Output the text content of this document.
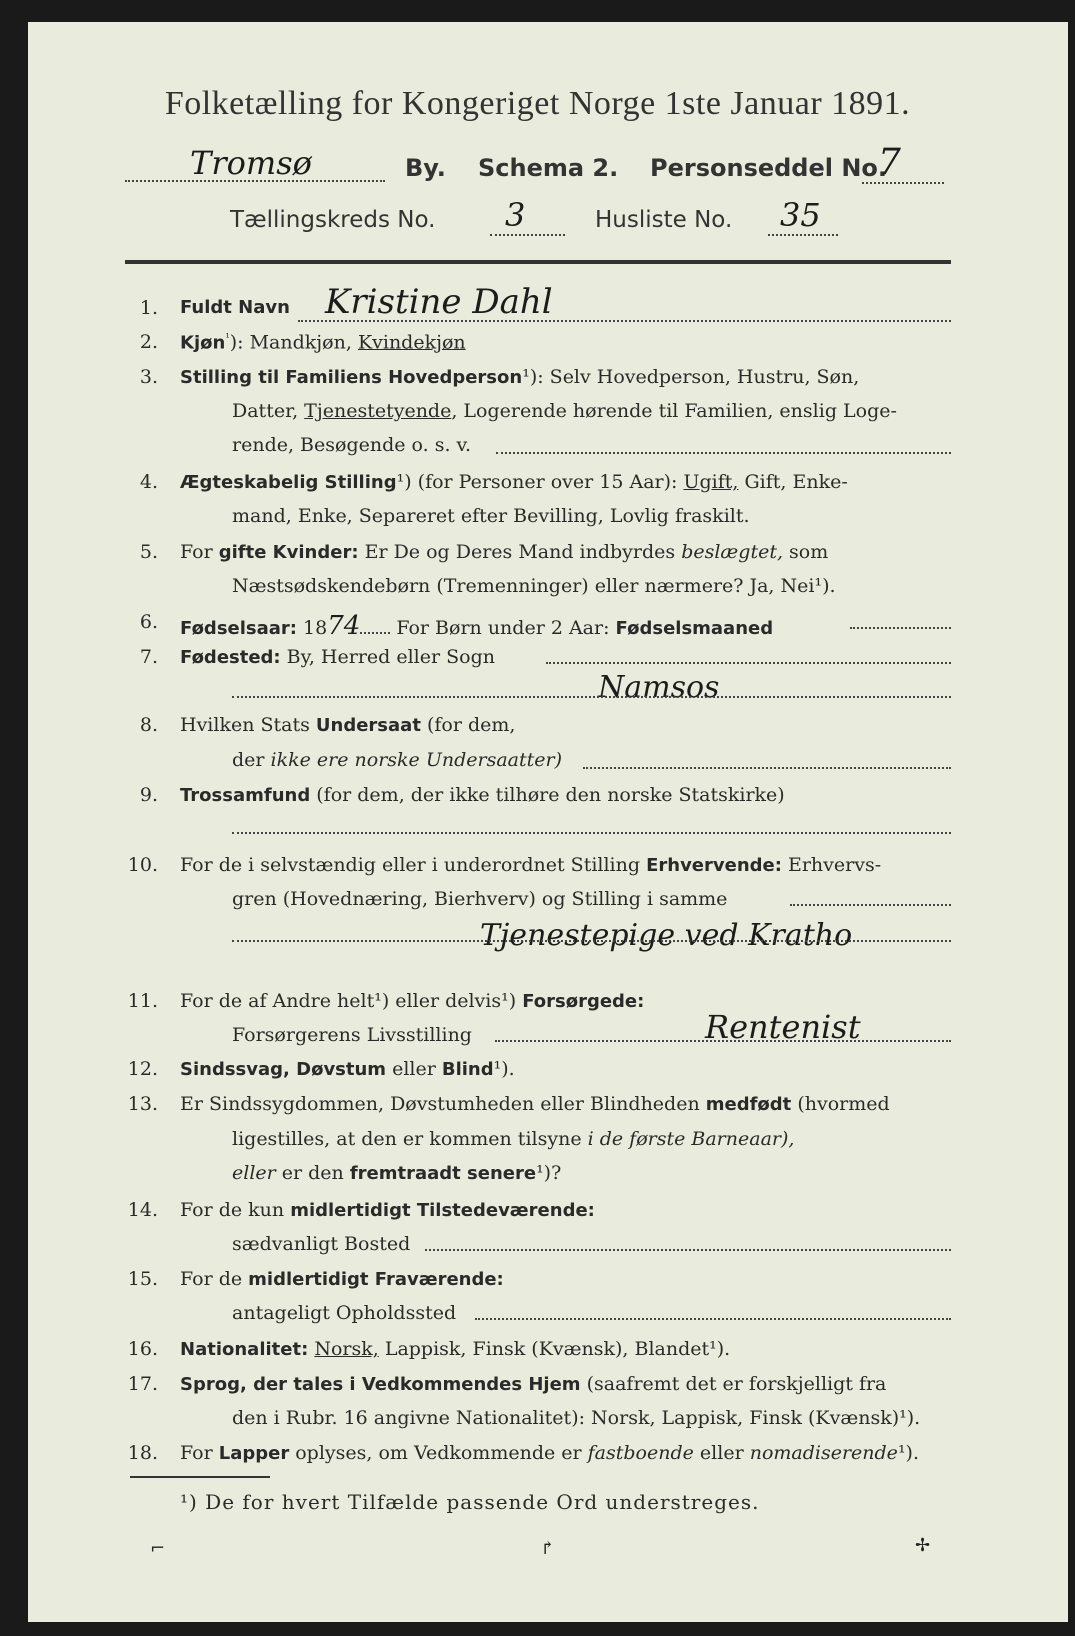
Folketælling for Kongeriget Norge 1ste Januar 1891.
Tromsø	By. Schema 2. Personseddel No.
7
Tællingskreds No. 3	Husliste No. 35
1. Fuldt Navn Kristine Dahl
2. Kjøn$^{^1}$): Mandkjøn, Kvindekjøn
3. Stilling til Familiens Hovedperson¹): Selv Hovedperson, Hustru, Søn,
Datter, Tjenestetyende, Logerende hørende til Familien, enslig Loge-
rende, Besøgende o. s. v.
4. Ægteskabelig Stilling¹) (for Personer over 15 Aar): Ugift, Gift, Enke-
mand, Enke, Separeret efter Bevilling, Lovlig fraskilt.
5. For gifte Kvinder: Er De og Deres Mand indbyrdes beslægtet, som
Næstsødskendebørn (Tremenninger) eller nærmere? Ja, Nei¹).
6. Fødselsaar: 1874 For Børn under 2 Aar: Fødselsmaaned
7. Fødested: By, Herred eller Sogn
Namsos
8. Hvilken Stats Undersaat (for dem,
der ikke ere norske Undersaatter)
9. Trossamfund (for dem, der ikke tilhøre den norske Statskirke)
10. For de i selvstændig eller i underordnet Stilling Erhvervende: Erhvervs-
gren (Hovednæring, Bierhverv) og Stilling i samme
Tjenestepige ved Kratho
11. For de af Andre helt¹) eller delvis¹) Forsørgede:
Forsørgerens Livsstilling	Rentenist
12. Sindssvag, Døvstum eller Blind¹).
13. Er Sindssygdommen, Døvstumheden eller Blindheden medfødt (hvormed
ligestilles, at den er kommen tilsyne i de første Barneaar),
eller er den fremtraadt senere¹)?
14. For de kun midlertidigt Tilstedeværende:
sædvanligt Bosted
15. For de midlertidigt Fraværende:
antageligt Opholdssted
16. Nationalitet: Norsk, Lappisk, Finsk (Kvænsk), Blandet¹).
17. Sprog, der tales i Vedkommendes Hjem (saafremt det er forskjelligt fra
den i Rubr. 16 angivne Nationalitet): Norsk, Lappisk, Finsk (Kvænsk)¹).
18. For Lapper oplyses, om Vedkommende er fastboende eller nomadiserende¹).
¹) De for hvert Tilfælde passende Ord understreges.
⌐	↱	✢
